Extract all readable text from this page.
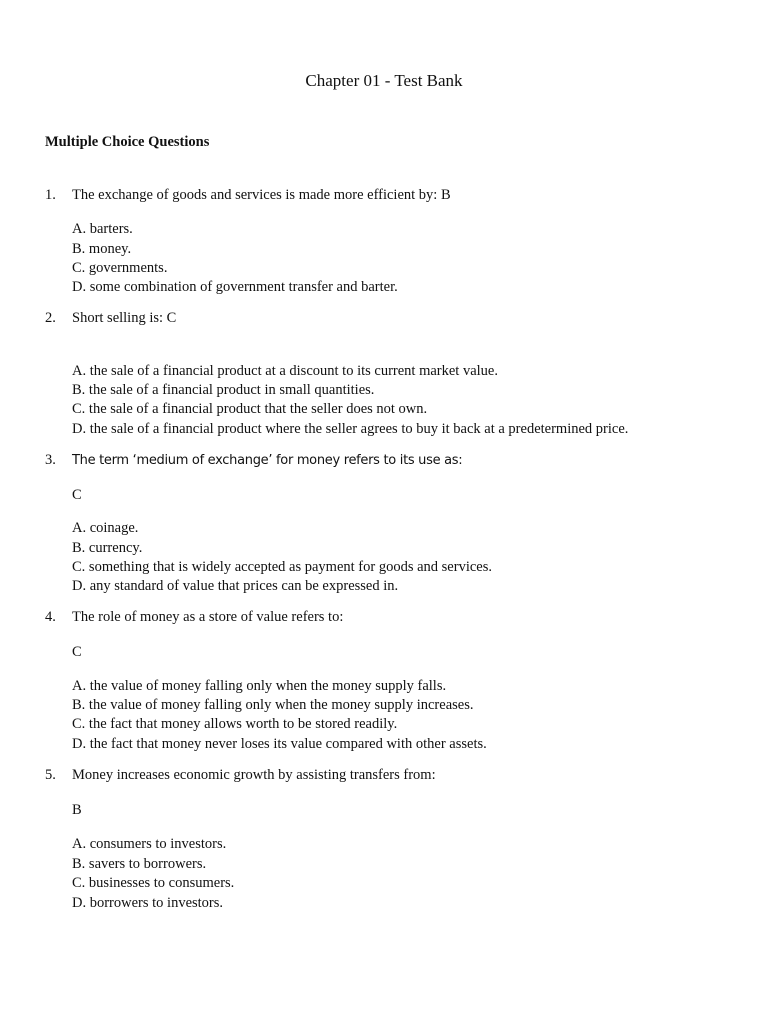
Chapter 01 - Test Bank
Multiple Choice Questions
1. The exchange of goods and services is made more efficient by: B
A. barters.
B. money.
C. governments.
D. some combination of government transfer and barter.
2. Short selling is: C
A. the sale of a financial product at a discount to its current market value.
B. the sale of a financial product in small quantities.
C. the sale of a financial product that the seller does not own.
D. the sale of a financial product where the seller agrees to buy it back at a predetermined price.
3. The term ‘medium of exchange’ for money refers to its use as:
C
A. coinage.
B. currency.
C. something that is widely accepted as payment for goods and services.
D. any standard of value that prices can be expressed in.
4. The role of money as a store of value refers to:
C
A. the value of money falling only when the money supply falls.
B. the value of money falling only when the money supply increases.
C. the fact that money allows worth to be stored readily.
D. the fact that money never loses its value compared with other assets.
5. Money increases economic growth by assisting transfers from:
B
A. consumers to investors.
B. savers to borrowers.
C. businesses to consumers.
D. borrowers to investors.
